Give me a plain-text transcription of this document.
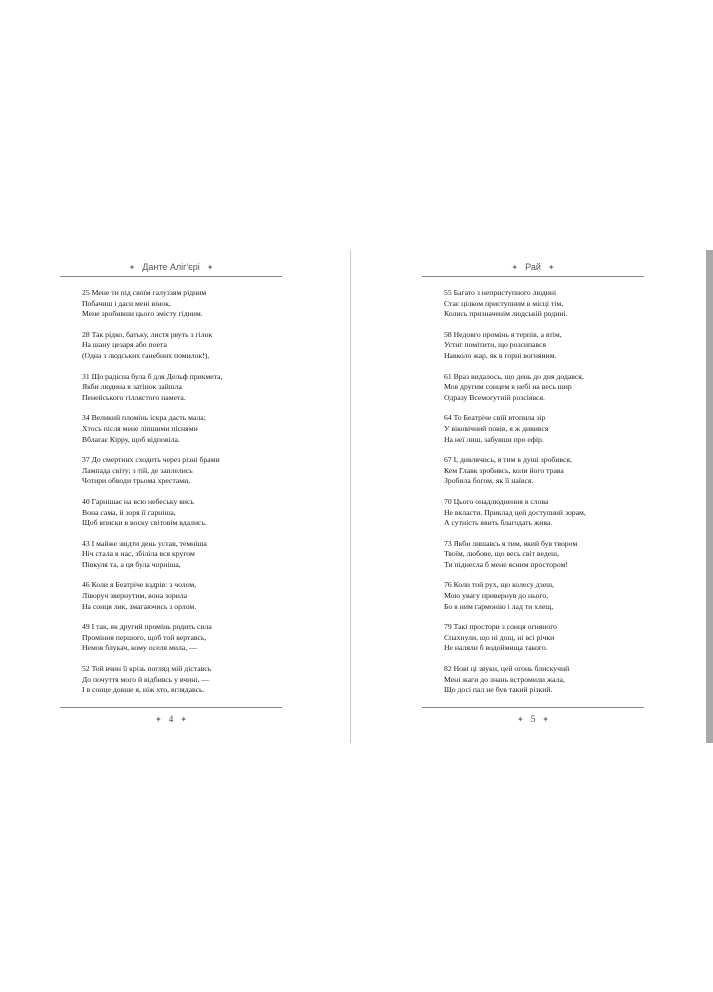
✦ Данте Аліг'єрі ✦
25 Мене ти під своїм галуззям рідним
Побачиш і даси мені вінок,
Мене зробивши цього змісту гідним.
28 Так рідко, батьку, листя рвуть з гілок
На шану цезаря або поета
(Одна з людських ганебних помилок!),
31 Що радісна була б для Дельф прикмета,
Якби людина в затінок зайшла
Пенейського гіллястого намета.
34 Великий пломінь іскра дасть мала;
Хтось після мене ліпшими піснями
Вблагає Кірру, щоб відповіла.
37 До смертних сходить через різні брами
Лампада світу; з тій, де заплелись
Чотири обводи трьома хрестами,
40 Гарнішає на всю небеську вись
Вона сама, й зоря її гарніша,
Щоб вписки в воску світовім вдались.
43 І майже звідти день устав, темніша
Ніч стала в нас, збілілa вся кругом
Півкуля та, а ця була чорніша,
46 Коли я Беатріче вздрів: з чолом,
Ліворуч звернутим, вона зорила
На сонця лик, змагаючись з орлом.
49 І так, як другий промінь родить сила
Проміння першого, щоб той вертавсь,
Немов блукач, кому оселя мила, —
52 Той вчин її крізь погляд мій діставсь
До почуття мого й відбивсь у вчині, —
І в сонце довше я, ніж хто, вглядавсь.
✦ 4 ✦
✦ Рай ✦
55 Багато з неприступного людині
Стає цілком приступним в місці тім,
Колись призначенім людській родині.
58 Недовго промінь я терпів, а втім,
Устиг помітити, що розсипався
Навколо жар, як в горні вогняним.
61 Враз видалось, що день до дня додався,
Мов другим сонцем в небі на весь шир
Одразу Всемогутній розсіявся.
64 То Беатріче свій втопила зір
У віковічний повів, я ж дивився
На неї лиш, забувши про ефір.
67 І, дивлячись, я тим в душі зробився,
Кем Главк зробивсь, коли його трава
Зробила богом, як її наївся.
70 Цього онадлюднення в слова
Не вкласти. Приклад цей доступний зорам,
А сутність явить благодать жива.
73 Якби лишавсь я тим, який був твором
Твоїм, любове, що весь світ ведеш,
Ти піднесла б мене ясним простором!
76 Коли той рух, що колесу дзеш,
Мою увагу привернув до нього,
Бо в ним гармонію і лад ти хлещ,
79 Такі простори з сонця огняного
Спахнули, що ні дощ, ні всі річки
Не наляли б водоймища такого.
82 Нові ці звуки, цей огонь блискучий
Мені жаги до знань встромили жала,
Що досі пал не був такий різкий.
✦ 5 ✦
